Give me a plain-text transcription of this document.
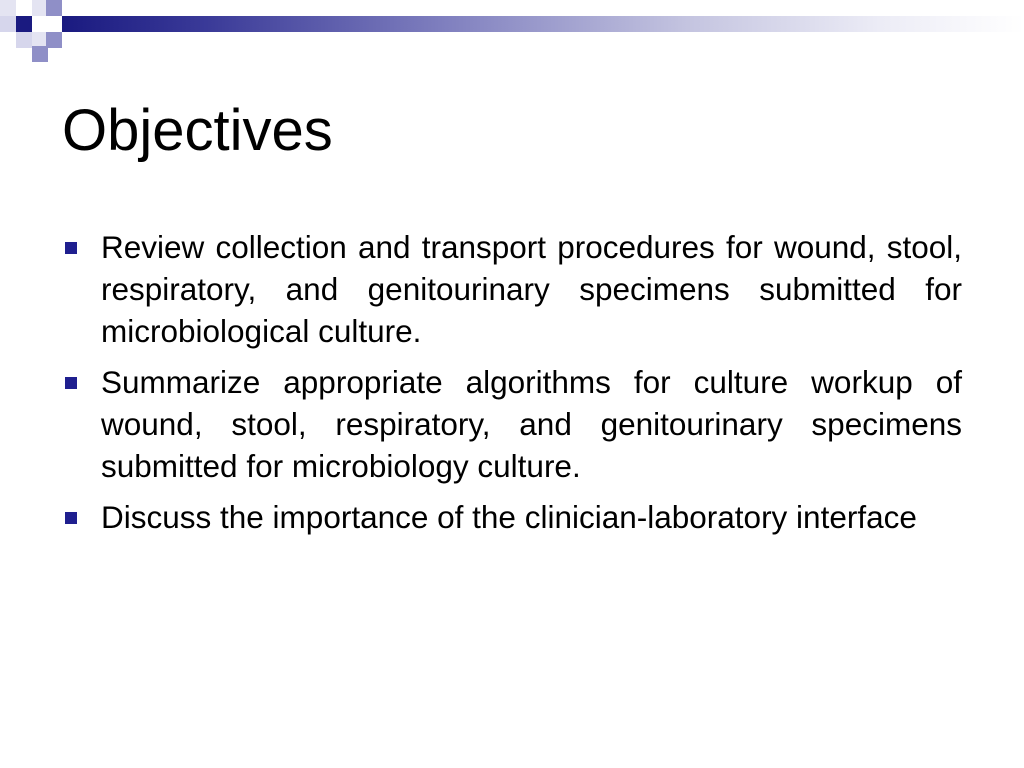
Objectives
Review collection and transport procedures for wound, stool, respiratory, and genitourinary specimens submitted for microbiological culture.
Summarize appropriate algorithms for culture workup of wound, stool, respiratory, and genitourinary specimens submitted for microbiology culture.
Discuss the importance of the clinician-laboratory interface
